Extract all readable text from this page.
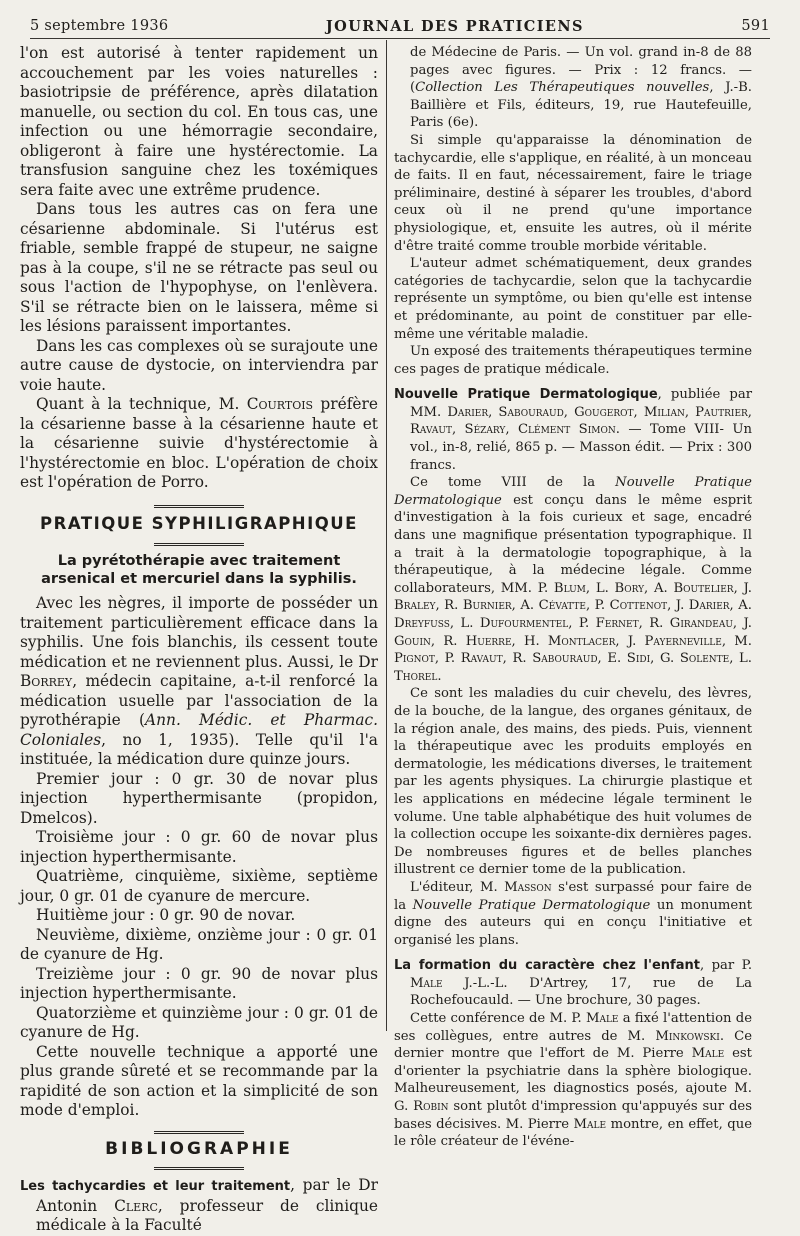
5 septembre 1936	JOURNAL DES PRATICIENS	591

l'on est autorisé à tenter rapidement un accouchement par les voies naturelles : basiotripsie de préférence, après dilatation manuelle, ou section du col. En tous cas, une infection ou une hémorragie secondaire, obligeront à faire une hystérectomie. La transfusion sanguine chez les toxémiques sera faite avec une extrême prudence.

Dans tous les autres cas on fera une césarienne abdominale. Si l'utérus est friable, semble frappé de stupeur, ne saigne pas à la coupe, s'il ne se rétracte pas seul ou sous l'action de l'hypophyse, on l'enlèvera. S'il se rétracte bien on le laissera, même si les lésions paraissent importantes.

Dans les cas complexes où se surajoute une autre cause de dystocie, on interviendra par voie haute.

Quant à la technique, M. Courtois préfère la césarienne basse à la césarienne haute et la césarienne suivie d'hystérectomie à l'hystérectomie en bloc. L'opération de choix est l'opération de Porro.

PRATIQUE SYPHILIGRAPHIQUE
La pyrétothérapie avec traitement arsenical et mercuriel dans la syphilis.

Avec les nègres, il importe de posséder un traitement particulièrement efficace dans la syphilis. Une fois blanchis, ils cessent toute médication et ne reviennent plus. Aussi, le Dr Borrey, médecin capitaine, a-t-il renforcé la médication usuelle par l'association de la pyrothérapie (Ann. Médic. et Pharmac. Coloniales, no 1, 1935). Telle qu'il l'a instituée, la médication dure quinze jours.

Premier jour : 0 gr. 30 de novar plus injection hyperthermisante (propidon, Dmelcos).

Troisième jour : 0 gr. 60 de novar plus injection hyperthermisante.

Quatrième, cinquième, sixième, septième jour, 0 gr. 01 de cyanure de mercure.

Huitième jour : 0 gr. 90 de novar.

Neuvième, dixième, onzième jour : 0 gr. 01 de cyanure de Hg.

Treizième jour : 0 gr. 90 de novar plus injection hyperthermisante.

Quatorzième et quinzième jour : 0 gr. 01 de cyanure de Hg.

Cette nouvelle technique a apporté une plus grande sûreté et se recommande par la rapidité de son action et la simplicité de son mode d'emploi.

BIBLIOGRAPHIE

Les tachycardies et leur traitement, par le Dr Antonin Clerc, professeur de clinique médicale à la Faculté

de Médecine de Paris. — Un vol. grand in-8 de 88 pages avec figures. — Prix : 12 francs. — (Collection Les Thérapeutiques nouvelles, J.-B. Baillière et Fils, éditeurs, 19, rue Hautefeuille, Paris (6e).

Si simple qu'apparaisse la dénomination de tachycardie, elle s'applique, en réalité, à un monceau de faits. Il en faut, nécessairement, faire le triage préliminaire, destiné à séparer les troubles, d'abord ceux où il ne prend qu'une importance physiologique, et, ensuite les autres, où il mérite d'être traité comme trouble morbide véritable.

L'auteur admet schématiquement, deux grandes catégories de tachycardie, selon que la tachycardie représente un symptôme, ou bien qu'elle est intense et prédominante, au point de constituer par elle-même une véritable maladie.

Un exposé des traitements thérapeutiques termine ces pages de pratique médicale.

Nouvelle Pratique Dermatologique, publiée par MM. Darier, Sabouraud, Gougerot, Milian, Pautrier, Ravaut, Sézary, Clément Simon. — Tome VIII- Un vol., in-8, relié, 865 p. — Masson édit. — Prix : 300 francs.

Ce tome VIII de la Nouvelle Pratique Dermatologique est conçu dans le même esprit d'investigation à la fois curieux et sage, encadré dans une magnifique présentation typographique. Il a trait à la dermatologie topographique, à la thérapeutique, à la médecine légale. Comme collaborateurs, MM. P. Blum, L. Bory, A. Boutelier, J. Braley, R. Burnier, A. Cévatte, P. Cottenot, J. Darier, A. Dreyfuss, L. Dufourmentel, P. Fernet, R. Girandeau, J. Gouin, R. Huerre, H. Montlacer, J. Payerneville, M. Pignot, P. Ravaut, R. Sabouraud, E. Sidi, G. Solente, L. Thorel.

Ce sont les maladies du cuir chevelu, des lèvres, de la bouche, de la langue, des organes génitaux, de la région anale, des mains, des pieds. Puis, viennent la thérapeutique avec les produits employés en dermatologie, les médications diverses, le traitement par les agents physiques. La chirurgie plastique et les applications en médecine légale terminent le volume. Une table alphabétique des huit volumes de la collection occupe les soixante-dix dernières pages. De nombreuses figures et de belles planches illustrent ce dernier tome de la publication.

L'éditeur, M. Masson s'est surpassé pour faire de la Nouvelle Pratique Dermatologique un monument digne des auteurs qui en conçu l'initiative et organisé les plans.

La formation du caractère chez l'enfant, par P. Male J.-L.-L. D'Artrey, 17, rue de La Rochefoucauld. — Une brochure, 30 pages.

Cette conférence de M. P. Male a fixé l'attention de ses collègues, entre autres de M. Minkowski. Ce dernier montre que l'effort de M. Pierre Male est d'orienter la psychiatrie dans la sphère biologique. Malheureusement, les diagnostics posés, ajoute M. G. Robin sont plutôt d'impression qu'appuyés sur des bases décisives. M. Pierre Male montre, en effet, que le rôle créateur de l'événe-
